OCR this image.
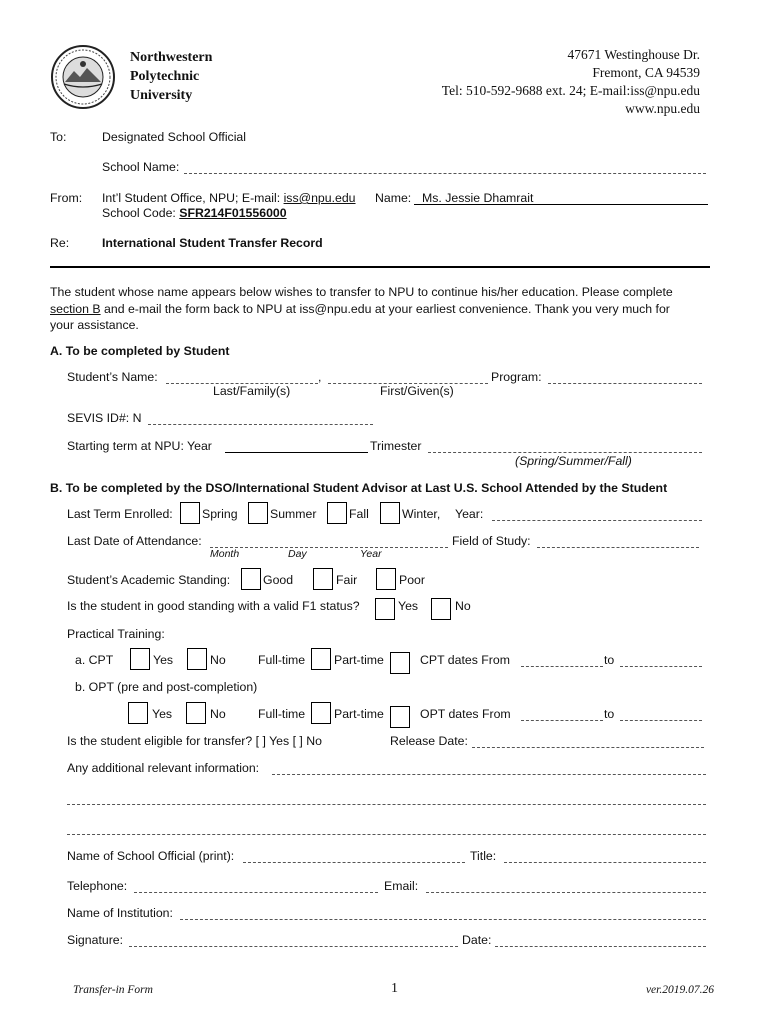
Northwestern
Polytechnic
University
47671 Westinghouse Dr.
Fremont, CA 94539
Tel: 510-592-9688 ext. 24; E-mail:iss@npu.edu
www.npu.edu
To:	Designated School Official
School Name:
From: Int’l Student Office, NPU; E-mail: iss@npu.edu Name: Ms. Jessie Dhamrait
School Code: SFR214F01556000
Re:	International Student Transfer Record
The student whose name appears below wishes to transfer to NPU to continue his/her education. Please complete
section B and e-mail the form back to NPU at iss@npu.edu at your earliest convenience. Thank you very much for
your assistance.
A. To be completed by Student
Student’s Name:	,	Program:
Last/Family(s)	First/Given(s)
SEVIS ID#: N
Starting term at NPU: Year	Trimester
(Spring/Summer/Fall)
B. To be completed by the DSO/International Student Advisor at Last U.S. School Attended by the Student
Last Term Enrolled: Spring	Summer	Fall	Winter, Year:
Last Date of Attendance:	Field of Study:
Month	Day	Year
Student’s Academic Standing:	Good	Fair	Poor
Is the student in good standing with a valid F1 status?	Yes	No
Practical Training:
a. CPT	Yes	No	Full-time Part-time	CPT dates From	to
b. OPT (pre and post-completion)
Yes	No	Full-time Part-time	OPT dates From	to
Is the student eligible for transfer? [ ] Yes [ ] No	Release Date:
Any additional relevant information:
Name of School Official (print):	Title:
Telephone:	Email:
Name of Institution:
Signature:	Date:
Transfer-in Form	1	ver.2019.07.26
